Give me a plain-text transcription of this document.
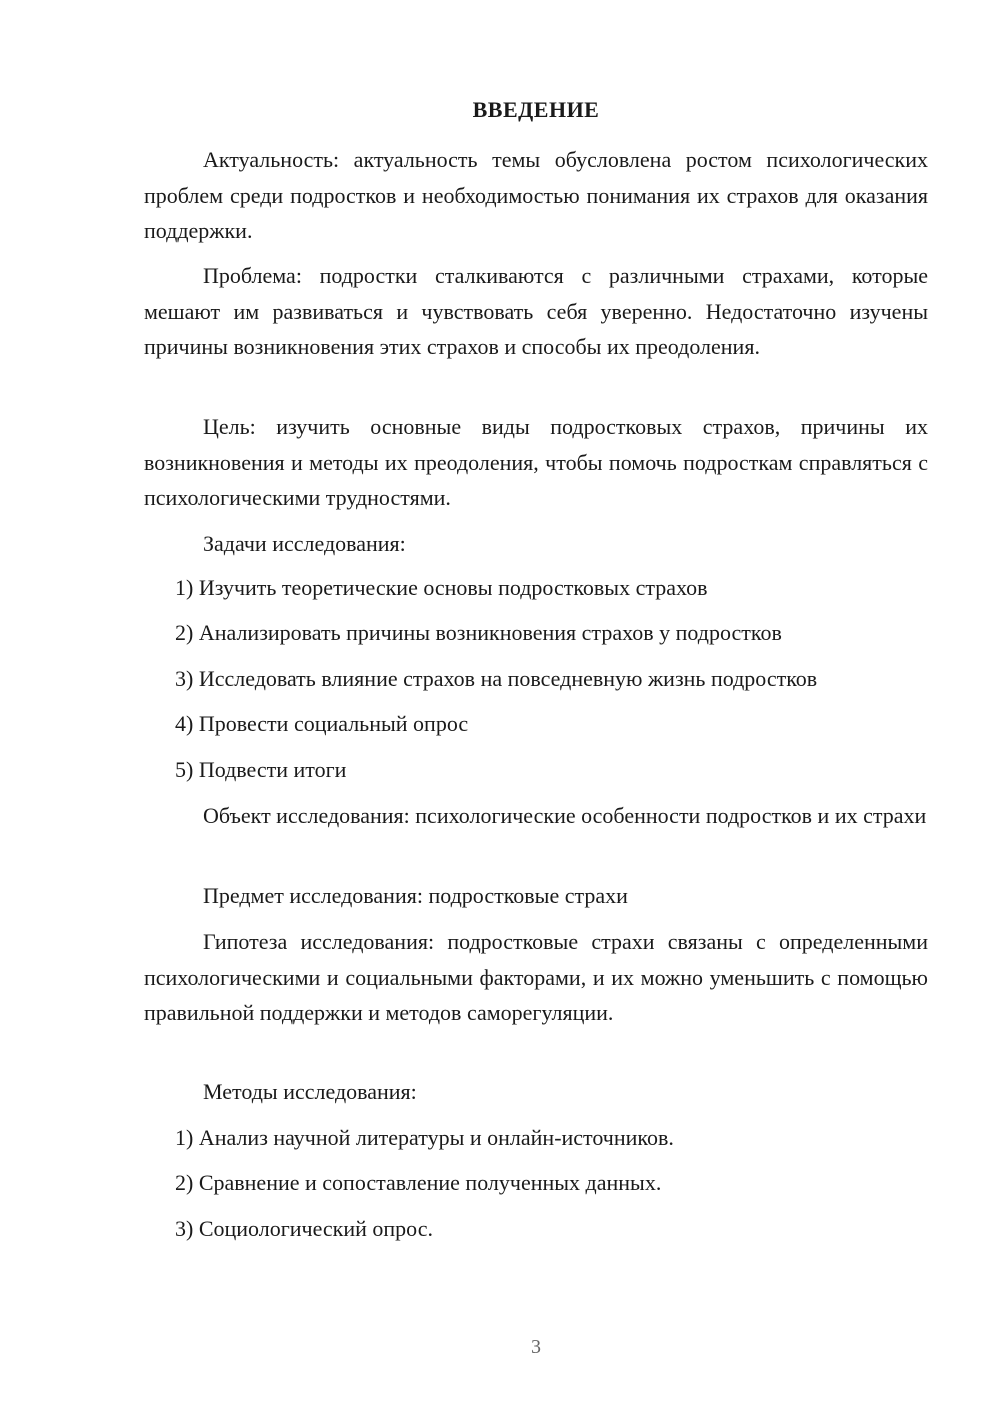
ВВЕДЕНИЕ

Актуальность: актуальность темы обусловлена ростом психологических проблем среди подростков и необходимостью понимания их страхов для оказания поддержки.

Проблема: подростки сталкиваются с различными страхами, которые мешают им развиваться и чувствовать себя уверенно. Недостаточно изучены причины возникновения этих страхов и способы их преодоления.

Цель: изучить основные виды подростковых страхов, причины их возникновения и методы их преодоления, чтобы помочь подросткам справляться с психологическими трудностями.

Задачи исследования:

1) Изучить теоретические основы подростковых страхов
2) Анализировать причины возникновения страхов у подростков
3) Исследовать влияние страхов на повседневную жизнь подростков
4) Провести социальный опрос
5) Подвести итоги

Объект исследования: психологические особенности подростков и их страхи

Предмет исследования: подростковые страхи

Гипотеза исследования: подростковые страхи связаны с определенными психологическими и социальными факторами, и их можно уменьшить с помощью правильной поддержки и методов саморегуляции.

Методы исследования:

1) Анализ научной литературы и онлайн-источников.
2) Сравнение и сопоставление полученных данных.
3) Социологический опрос.
3
